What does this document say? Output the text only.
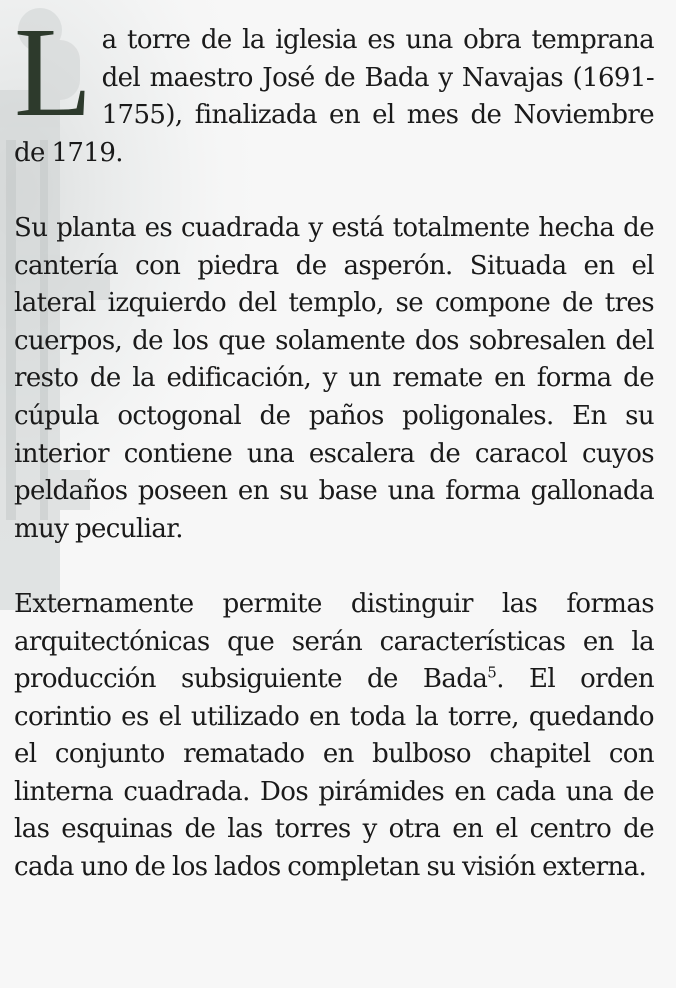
La torre de la iglesia es una obra temprana del maestro José de Bada y Navajas (1691-1755), finalizada en el mes de Noviembre de 1719.

Su planta es cuadrada y está totalmente hecha de cantería con piedra de asperón. Situada en el lateral izquierdo del templo, se compone de tres cuerpos, de los que solamente dos sobresalen del resto de la edificación, y un remate en forma de cúpula octogonal de paños poligonales. En su interior contiene una escalera de caracol cuyos peldaños poseen en su base una forma gallonada muy peculiar.

Externamente permite distinguir las formas arquitectónicas que serán características en la producción subsiguiente de Bada$^5$. El orden corintio es el utilizado en toda la torre, quedando el conjunto rematado en bulboso chapitel con linterna cuadrada. Dos pirámides en cada una de las esquinas de las torres y otra en el centro de cada uno de los lados completan su visión externa.
